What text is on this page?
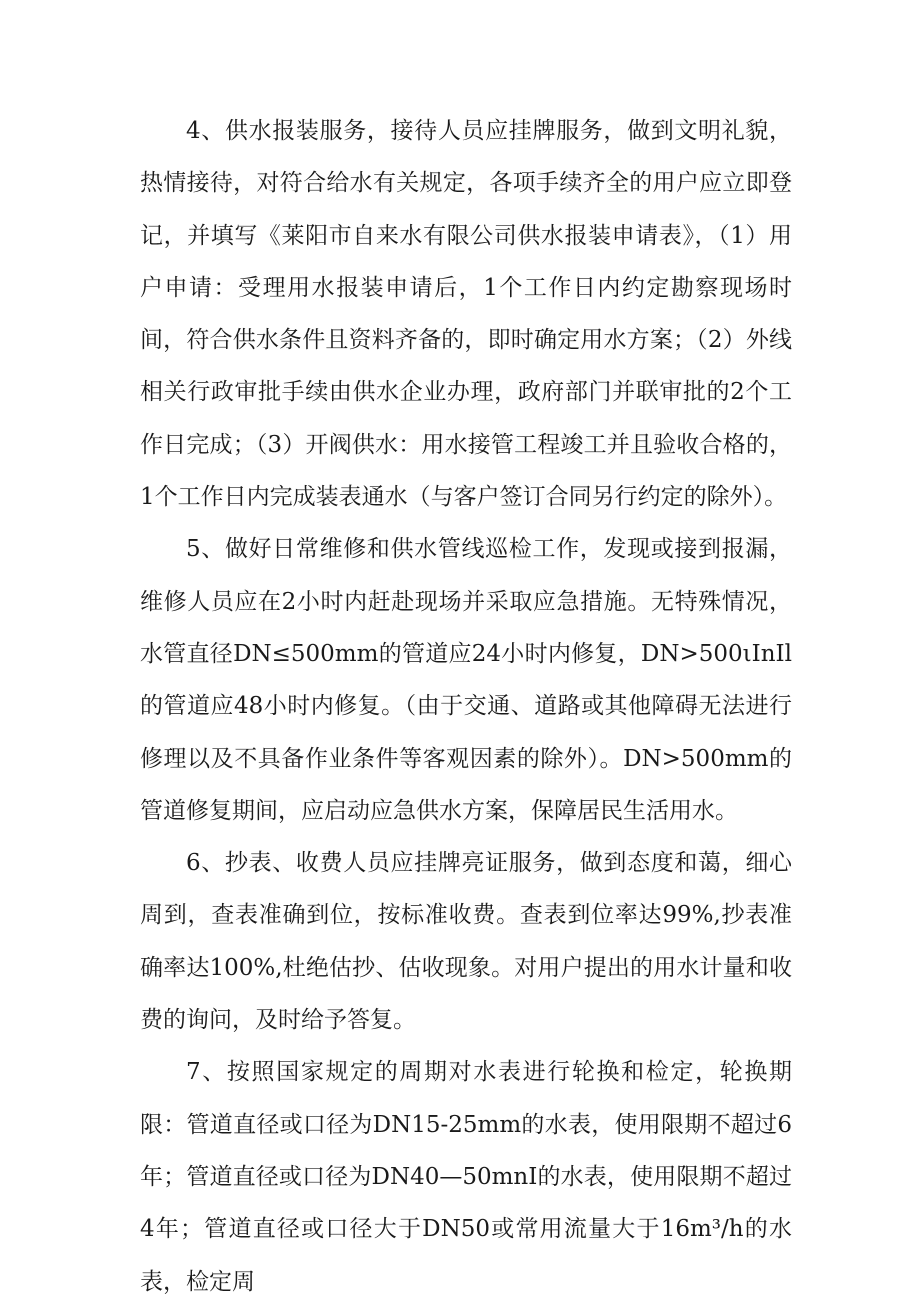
4、供水报装服务，接待人员应挂牌服务，做到文明礼貌，热情接待，对符合给水有关规定，各项手续齐全的用户应立即登记，并填写《莱阳市自来水有限公司供水报装申请表》，（1）用户申请：受理用水报装申请后，1个工作日内约定勘察现场时间，符合供水条件且资料齐备的，即时确定用水方案；（2）外线相关行政审批手续由供水企业办理，政府部门并联审批的2个工作日完成；（3）开阀供水：用水接管工程竣工并且验收合格的，1个工作日内完成装表通水（与客户签订合同另行约定的除外）。

5、做好日常维修和供水管线巡检工作，发现或接到报漏，维修人员应在2小时内赶赴现场并采取应急措施。无特殊情况，水管直径DN≤500mm的管道应24小时内修复，DN>500ιInIl的管道应48小时内修复。（由于交通、道路或其他障碍无法进行修理以及不具备作业条件等客观因素的除外）。DN>500mm的管道修复期间，应启动应急供水方案，保障居民生活用水。

6、抄表、收费人员应挂牌亮证服务，做到态度和蔼，细心周到，查表准确到位，按标准收费。查表到位率达99%,抄表准确率达100%,杜绝估抄、估收现象。对用户提出的用水计量和收费的询问，及时给予答复。

7、按照国家规定的周期对水表进行轮换和检定，轮换期限：管道直径或口径为DN15-25mm的水表，使用限期不超过6年；管道直径或口径为DN40—50mnI的水表，使用限期不超过4年；管道直径或口径大于DN50或常用流量大于16m³/h的水表，检定周
